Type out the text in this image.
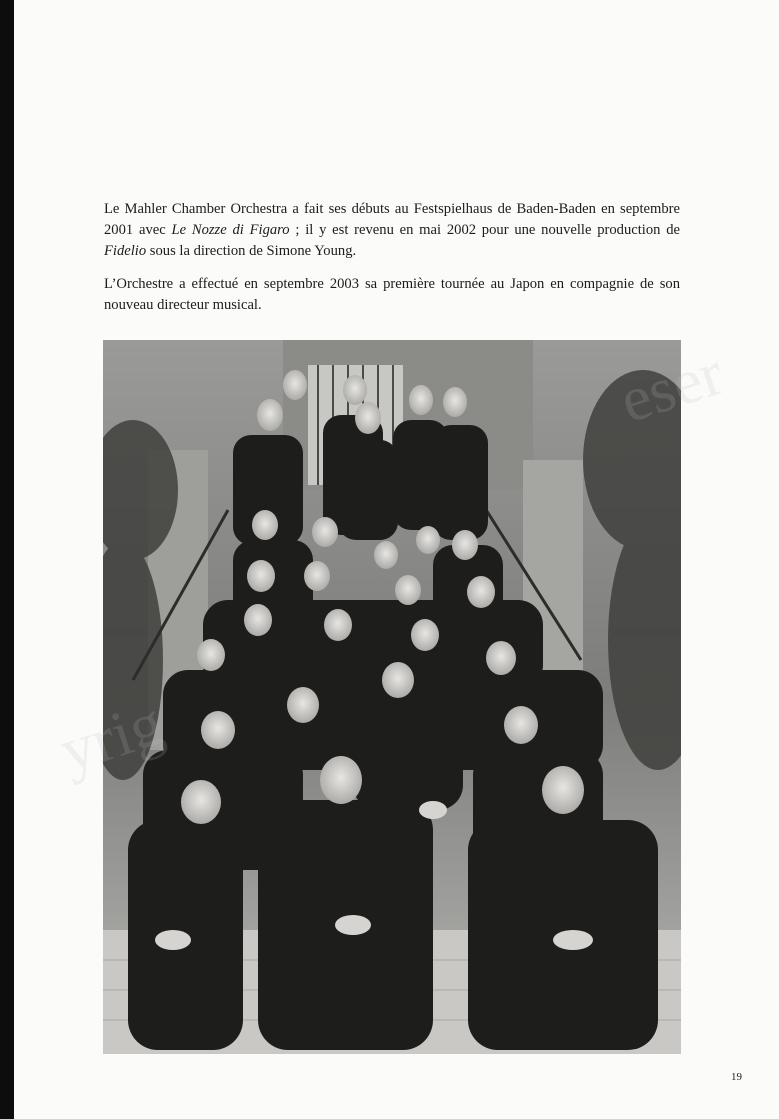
Le Mahler Chamber Orchestra a fait ses débuts au Festspielhaus de Baden-Baden en septembre 2001 avec Le Nozze di Figaro ; il y est revenu en mai 2002 pour une nouvelle production de Fidelio sous la direction de Simone Young.

L’Orchestre a effectué en septembre 2003 sa première tournée au Japon en compagnie de son nouveau directeur musical.

19
